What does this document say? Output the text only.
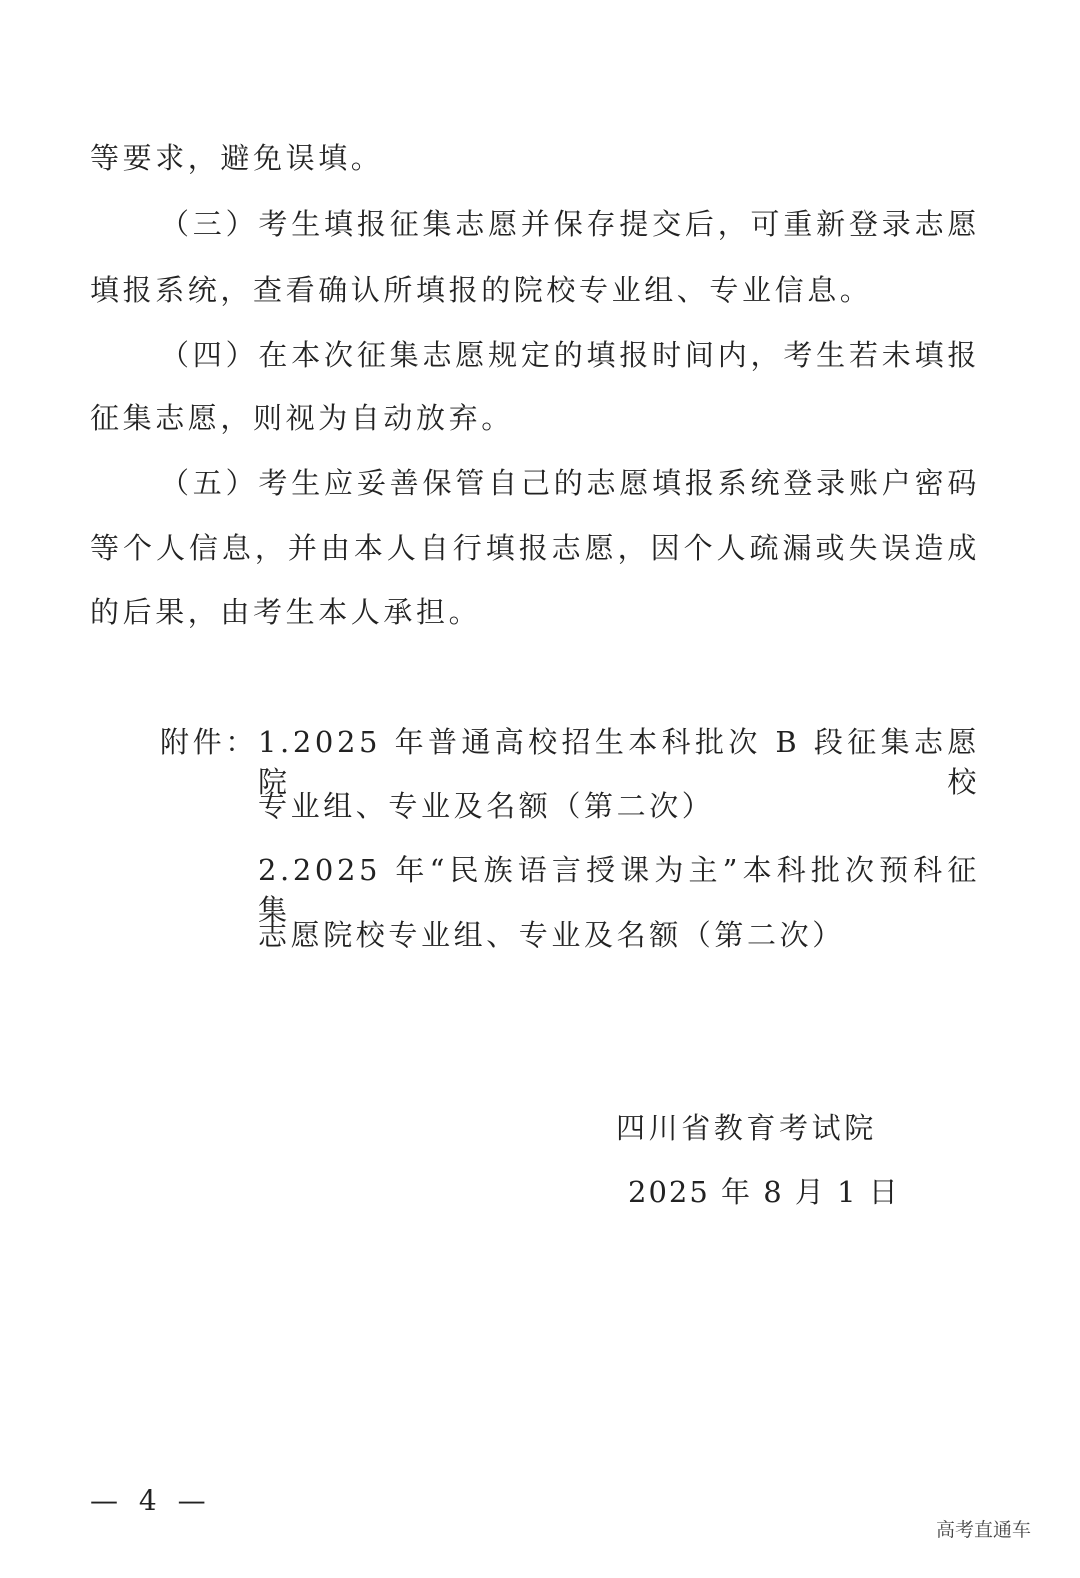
等要求，避免误填。
（三）考生填报征集志愿并保存提交后，可重新登录志愿
填报系统，查看确认所填报的院校专业组、专业信息。
（四）在本次征集志愿规定的填报时间内，考生若未填报
征集志愿，则视为自动放弃。
（五）考生应妥善保管自己的志愿填报系统登录账户密码
等个人信息，并由本人自行填报志愿，因个人疏漏或失误造成
的后果，由考生本人承担。
附件： 1.2025 年普通高校招生本科批次 B 段征集志愿院校
专业组、专业及名额（第二次）
2.2025 年“民族语言授课为主”本科批次预科征集
志愿院校专业组、专业及名额（第二次）
四川省教育考试院
2025 年 8 月 1 日
— 4 —
高考直通车
